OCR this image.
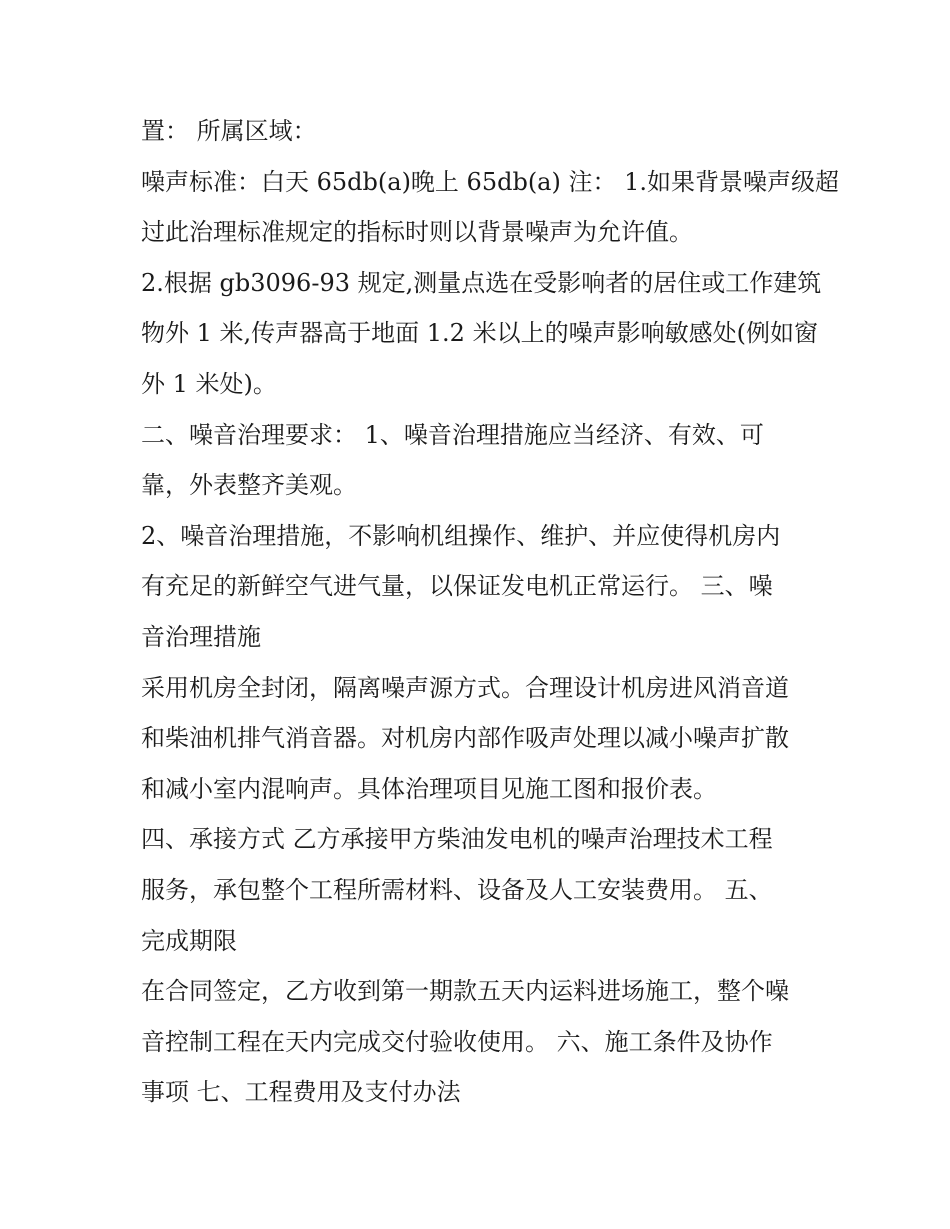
置： 所属区域：
噪声标准：白天 65db(a)晚上 65db(a) 注： 1.如果背景噪声级超
过此治理标准规定的指标时则以背景噪声为允许值。
2.根据 gb3096-93 规定,测量点选在受影响者的居住或工作建筑
物外 1 米,传声器高于地面 1.2 米以上的噪声影响敏感处(例如窗
外 1 米处)。
二、噪音治理要求： 1、噪音治理措施应当经济、有效、可
靠，外表整齐美观。
2、噪音治理措施，不影响机组操作、维护、并应使得机房内
有充足的新鲜空气进气量，以保证发电机正常运行。 三、噪
音治理措施
采用机房全封闭，隔离噪声源方式。合理设计机房进风消音道
和柴油机排气消音器。对机房内部作吸声处理以减小噪声扩散
和减小室内混响声。具体治理项目见施工图和报价表。
四、承接方式 乙方承接甲方柴油发电机的噪声治理技术工程
服务，承包整个工程所需材料、设备及人工安装费用。 五、
完成期限
在合同签定，乙方收到第一期款五天内运料进场施工，整个噪
音控制工程在天内完成交付验收使用。 六、施工条件及协作
事项 七、工程费用及支付办法
